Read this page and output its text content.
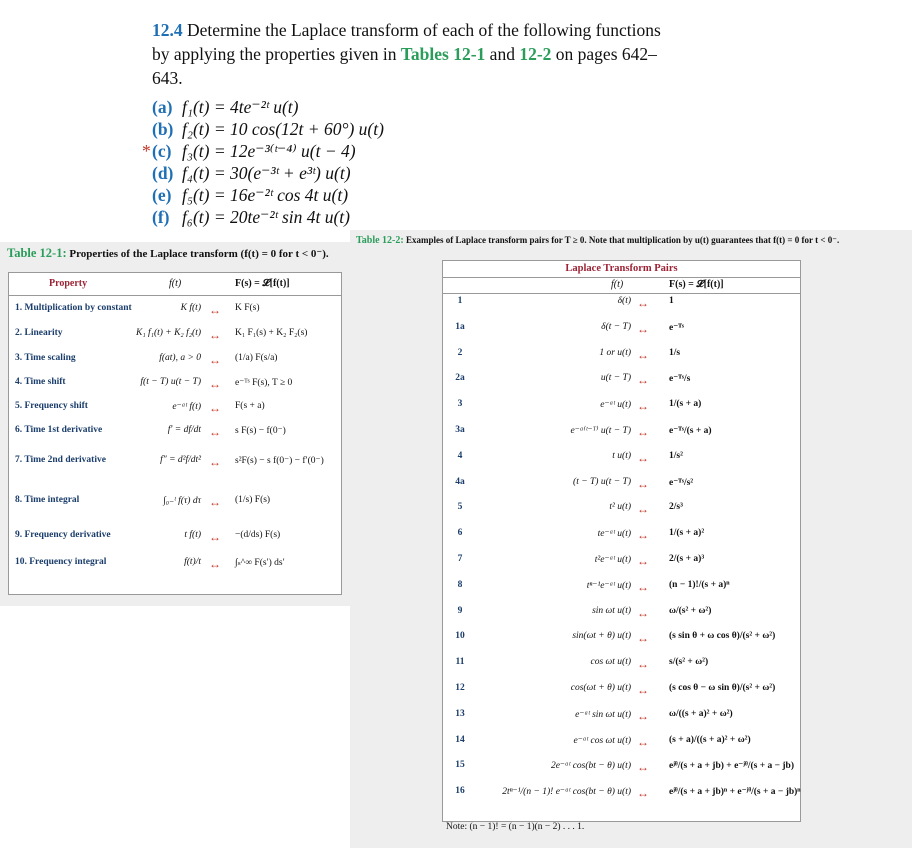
12.4 Determine the Laplace transform of each of the following functions by applying the properties given in Tables 12-1 and 12-2 on pages 642–643.
(a) f₁(t) = 4te⁻²ᵗ u(t)
(b) f₂(t) = 10 cos(12t + 60°) u(t)
* (c) f₃(t) = 12e⁻³⁽ᵗ⁻⁴⁾ u(t − 4)
(d) f₄(t) = 30(e⁻³ᵗ + e³ᵗ) u(t)
(e) f₅(t) = 16e⁻²ᵗ cos 4t u(t)
(f) f₆(t) = 20te⁻²ᵗ sin 4t u(t)
Table 12-1: Properties of the Laplace transform (f(t) = 0 for t < 0⁻).
Property	f(t)	F(s) = 𝓛[f(t)]
1. Multiplication by constant	K f(t) ↔ K F(s)
2. Linearity	K₁ f₁(t) + K₂ f₂(t) ↔ K₁ F₁(s) + K₂ F₂(s)
3. Time scaling	f(at), a > 0 ↔ (1/a) F(s/a)
4. Time shift	f(t − T) u(t − T) ↔ e⁻ᵀˢ F(s), T ≥ 0
5. Frequency shift	e⁻ᵃᵗ f(t) ↔ F(s + a)
6. Time 1st derivative	f′ = df/dt ↔ s F(s) − f(0⁻)
7. Time 2nd derivative	f″ = d²f/dt² ↔ s²F(s) − s f(0⁻) − f′(0⁻)
8. Time integral	∫₀₋ᵗ f(τ) dτ ↔ (1/s) F(s)
9. Frequency derivative	t f(t) ↔ −(d/ds) F(s)
10. Frequency integral	f(t)/t ↔ ∫ₛ^∞ F(s′) ds′
Table 12-2: Examples of Laplace transform pairs for T ≥ 0. Note that multiplication by u(t) guarantees that f(t) = 0 for t < 0⁻.
Laplace Transform Pairs
f(t)	F(s) = 𝓛[f(t)]
1	δ(t) ↔ 1
1a	δ(t − T) ↔ e⁻ᵀˢ
2	1 or u(t) ↔ 1/s
2a	u(t − T) ↔ e⁻ᵀˢ/s
3	e⁻ᵃᵗ u(t) ↔ 1/(s + a)
3a	e⁻ᵃ⁽ᵗ⁻ᵀ⁾ u(t − T) ↔ e⁻ᵀˢ/(s + a)
4	t u(t) ↔ 1/s²
4a	(t − T) u(t − T) ↔ e⁻ᵀˢ/s²
5	t² u(t) ↔ 2/s³
6	te⁻ᵃᵗ u(t) ↔ 1/(s + a)²
7	t²e⁻ᵃᵗ u(t) ↔ 2/(s + a)³
8	tⁿ⁻¹e⁻ᵃᵗ u(t) ↔ (n − 1)!/(s + a)ⁿ
9	sin ωt u(t) ↔ ω/(s² + ω²)
10	sin(ωt + θ) u(t) ↔ (s sin θ + ω cos θ)/(s² + ω²)
11	cos ωt u(t) ↔ s/(s² + ω²)
12	cos(ωt + θ) u(t) ↔ (s cos θ − ω sin θ)/(s² + ω²)
13	e⁻ᵃᵗ sin ωt u(t) ↔ ω/((s + a)² + ω²)
14	e⁻ᵃᵗ cos ωt u(t) ↔ (s + a)/((s + a)² + ω²)
15	2e⁻ᵃᵗ cos(bt − θ) u(t) ↔ eʲᶿ/(s + a + jb) + e⁻ʲᶿ/(s + a − jb)
16	2tⁿ⁻¹/(n − 1)! e⁻ᵃᵗ cos(bt − θ) u(t) ↔ eʲᶿ/(s + a + jb)ⁿ + e⁻ʲᶿ/(s + a − jb)ⁿ
Note: (n − 1)! = (n − 1)(n − 2) . . . 1.
